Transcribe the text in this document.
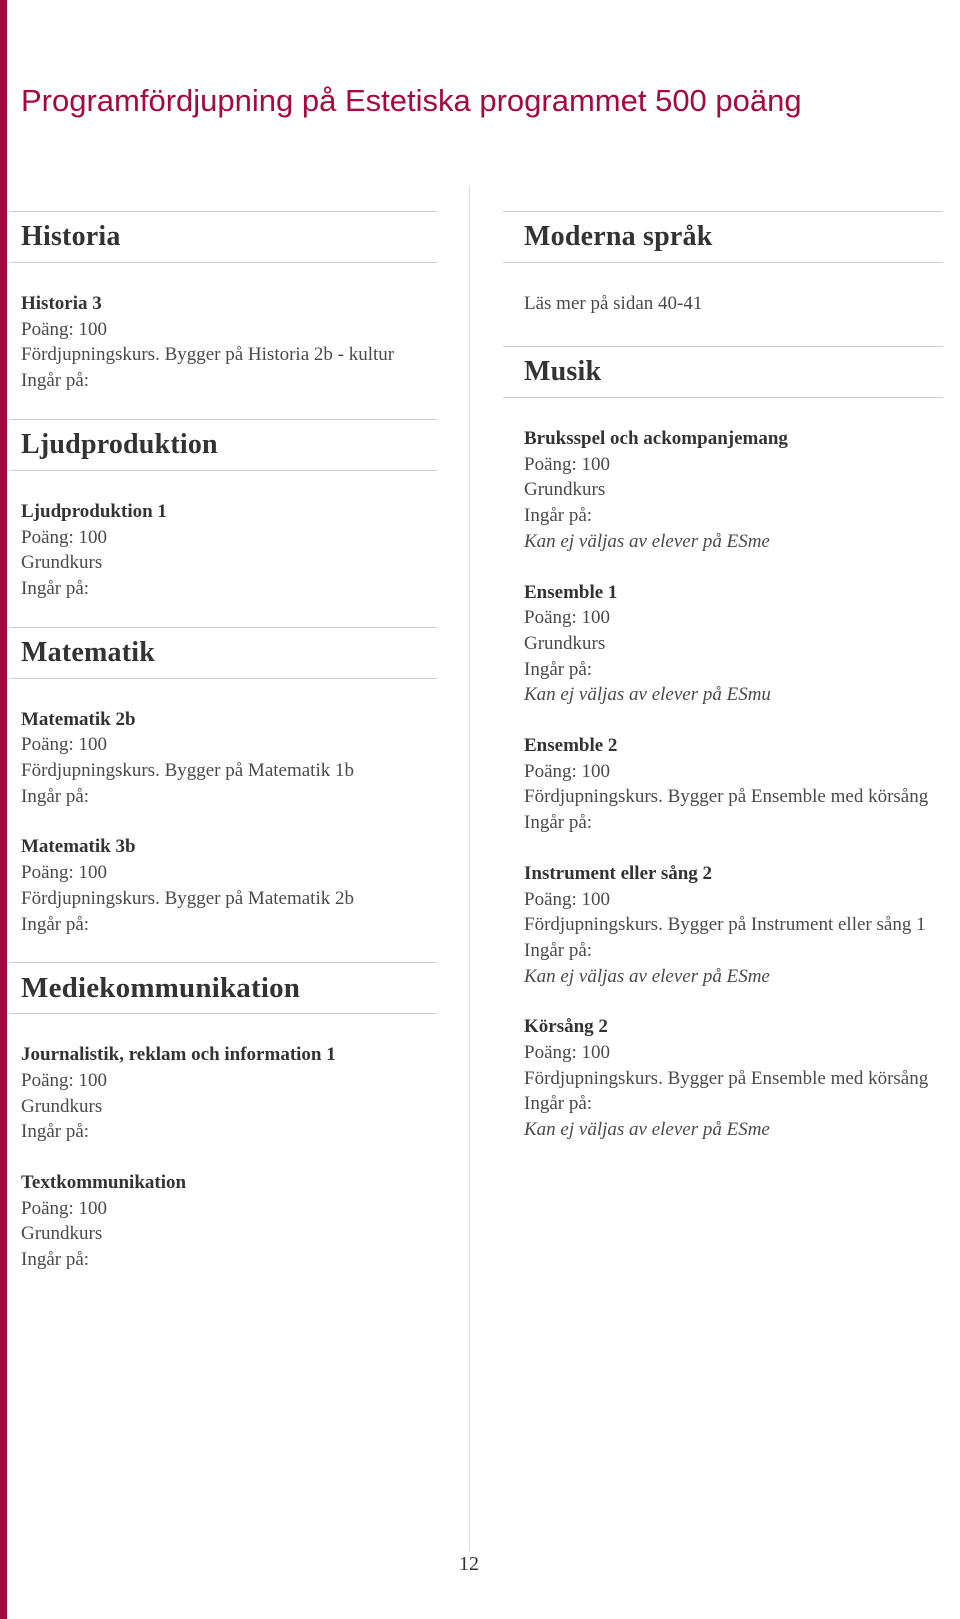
Programfördjupning på Estetiska programmet 500 poäng
Historia

Historia 3

Poäng: 100

Fördjupningskurs. Bygger på Historia 2b - kultur

Ingår på:

Ljudproduktion

Ljudproduktion 1

Poäng: 100

Grundkurs

Ingår på:

Matematik

Matematik 2b

Poäng: 100

Fördjupningskurs. Bygger på Matematik 1b

Ingår på:

Matematik 3b

Poäng: 100

Fördjupningskurs. Bygger på Matematik 2b

Ingår på:

Mediekommunikation

Journalistik, reklam och information 1

Poäng: 100

Grundkurs

Ingår på:

Textkommunikation

Poäng: 100

Grundkurs

Ingår på:

Moderna språk

Läs mer på sidan 40-41

Musik

Bruksspel och ackompanjemang

Poäng: 100

Grundkurs

Ingår på:

Kan ej väljas av elever på ESme

Ensemble 1

Poäng: 100

Grundkurs

Ingår på:

Kan ej väljas av elever på ESmu

Ensemble 2

Poäng: 100

Fördjupningskurs. Bygger på Ensemble med körsång

Ingår på:

Instrument eller sång 2

Poäng: 100

Fördjupningskurs. Bygger på Instrument eller sång 1

Ingår på:

Kan ej väljas av elever på ESme

Körsång 2

Poäng: 100

Fördjupningskurs. Bygger på Ensemble med körsång

Ingår på:

Kan ej väljas av elever på ESme

12
